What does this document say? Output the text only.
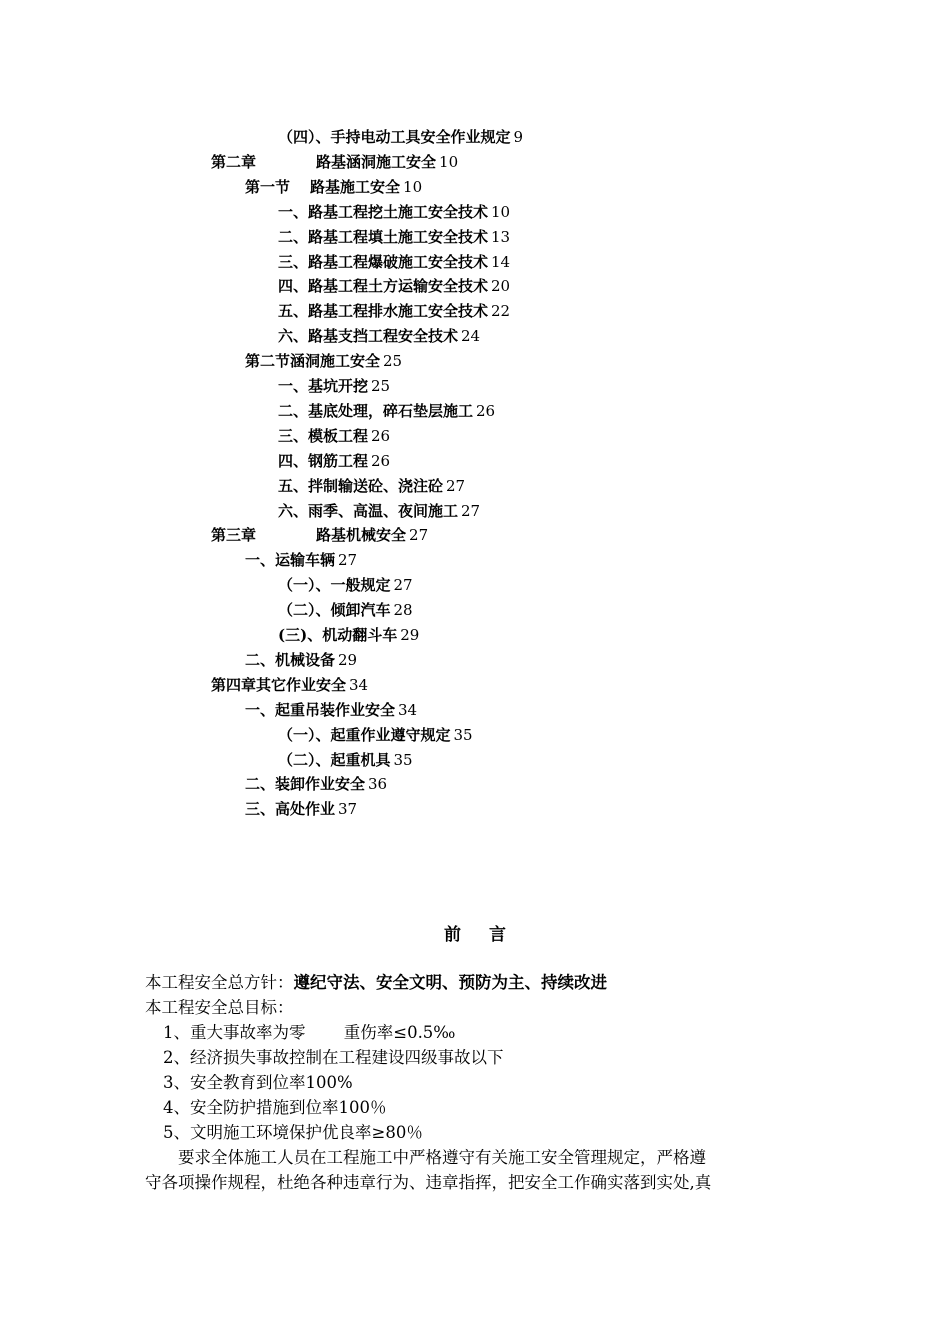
（四）、手持电动工具安全作业规定 9
第二章	路基涵洞施工安全 10
第一节 路基施工安全 10
一、路基工程挖土施工安全技术 10
二、路基工程填土施工安全技术 13
三、路基工程爆破施工安全技术 14
四、路基工程土方运输安全技术 20
五、路基工程排水施工安全技术 22
六、路基支挡工程安全技术 24
第二节涵洞施工安全 25
一、基坑开挖 25
二、基底处理，碎石垫层施工 26
三、模板工程 26
四、钢筋工程 26
五、拌制输送砼、浇注砼 27
六、雨季、高温、夜间施工 27
第三章	路基机械安全 27
一、运输车辆 27
（一）、一般规定 27
（二）、倾卸汽车 28
(三)、机动翻斗车 29
二、机械设备 29
第四章其它作业安全 34
一、起重吊装作业安全 34
（一）、起重作业遵守规定 35
（二）、起重机具 35
二、装卸作业安全 36
三、高处作业 37
前言
本工程安全总方针：遵纪守法、安全文明、预防为主、持续改进
本工程安全总目标：
1、重大事故率为零　　 重伤率≤0.5‰
2、经济损失事故控制在工程建设四级事故以下
3、安全教育到位率100%
4、安全防护措施到位率100％
5、文明施工环境保护优良率≥80％
　　要求全体施工人员在工程施工中严格遵守有关施工安全管理规定，严格遵
守各项操作规程，杜绝各种违章行为、违章指挥，把安全工作确实落到实处,真
